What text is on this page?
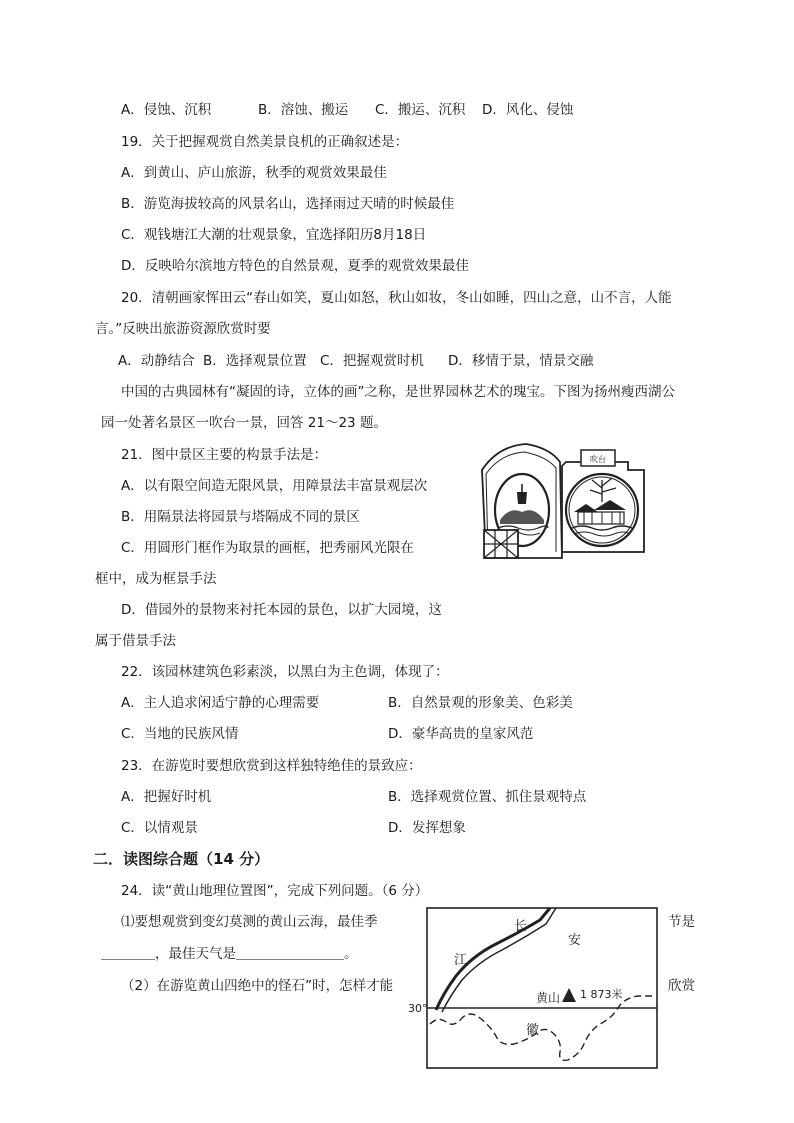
A．侵蚀、沉积	B．溶蚀、搬运 C．搬运、沉积 D．风化、侵蚀
19．关于把握观赏自然美景良机的正确叙述是：
A．到黄山、庐山旅游，秋季的观赏效果最佳
B．游览海拔较高的风景名山，选择雨过天晴的时候最佳
C．观钱塘江大潮的壮观景象，宜选择阳历8月18日
D．反映哈尔滨地方特色的自然景观，夏季的观赏效果最佳
20．清朝画家恽田云“春山如笑，夏山如怒，秋山如妆，冬山如睡，四山之意，山不言，人能
言。”反映出旅游资源欣赏时要
A．动静结合 B．选择观景位置 C．把握观赏时机 D．移情于景，情景交融
中国的古典园林有“凝固的诗，立体的画”之称，是世界园林艺术的瑰宝。下图为扬州瘦西湖公
园一处著名景区一吹台一景，回答 21～23 题。
21．图中景区主要的构景手法是：
A．以有限空间造无限风景，用障景法丰富景观层次
B．用隔景法将园景与塔隔成不同的景区
C．用圆形门框作为取景的画框，把秀丽风光限在
框中，成为框景手法
D．借园外的景物来衬托本园的景色，以扩大园境，这
属于借景手法
吹台
22．该园林建筑色彩素淡，以黑白为主色调，体现了：
A．主人追求闲适宁静的心理需要	B．自然景观的形象美、色彩美
C．当地的民族风情	D．豪华高贵的皇家风范
23．在游览时要想欣赏到这样独特绝佳的景致应：
A．把握好时机	B．选择观赏位置、抓住景观特点
C．以情观景	D．发挥想象
二．读图综合题（14 分）
24．读“黄山地理位置图”，完成下列问题。（6 分）
⑴要想观赏到变幻莫测的黄山云海，最佳季	节是
＿＿＿＿，最佳天气是＿＿＿＿＿＿＿＿。
（2）在游览黄山四绝中的怪石”时，怎样才能	欣赏
30°
长
安
江
徽
黄山 1 873米
